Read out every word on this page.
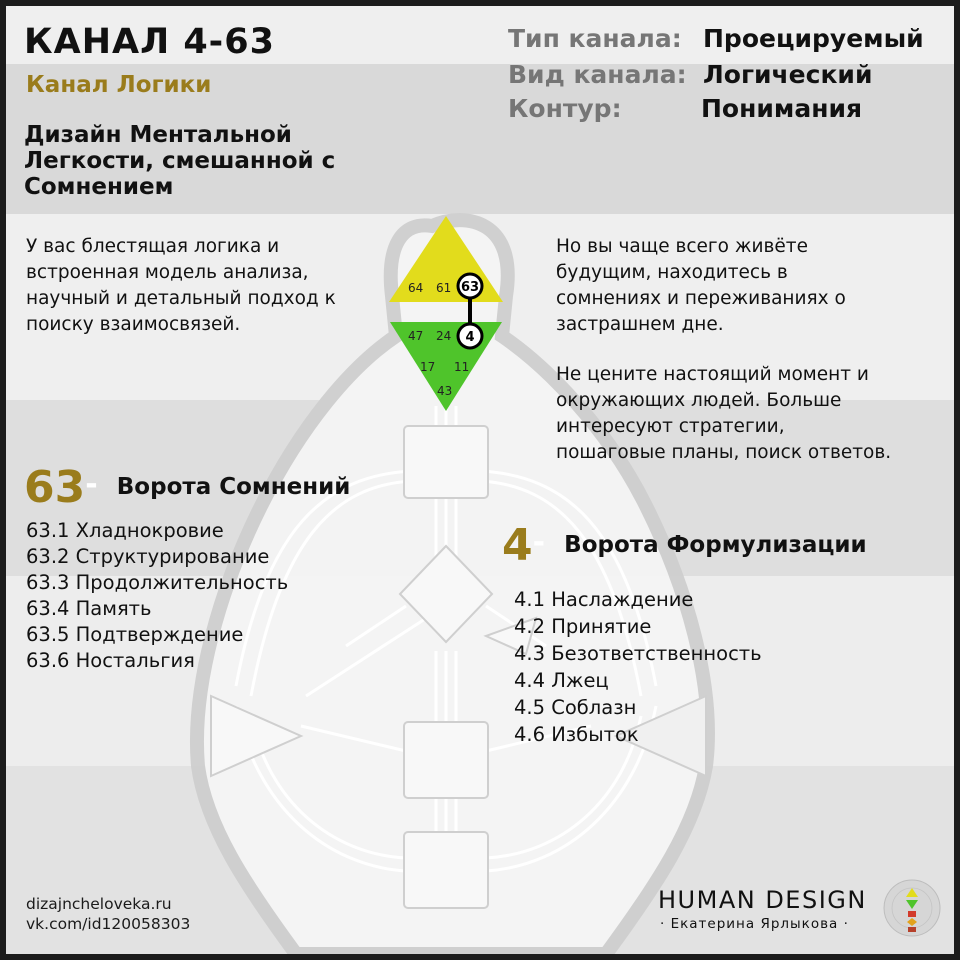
64 61 63
47 24 4
17 11
43
КАНАЛ 4-63
Канал Логики
Дизайн Ментальной Легкости, смешанной с Сомнением
Тип канала: Проецируемый
Вид канала: Логический
Контур:	Понимания
У вас блестящая логика и
встроенная модель анализа,
научный и детальный подход к
поиску взаимосвязей.
Но вы чаще всего живёте
будущим, находитесь в
сомнениях и переживаниях о
застрашнем дне.
Не цените настоящий момент и
окружающих людей. Больше
интересуют стратегии,
пошаговые планы, поиск ответов.
63- Ворота Сомнений
63.1 Хладнокровие
63.2 Структурирование
63.3 Продолжительность
63.4 Память
63.5 Подтверждение
63.6 Ностальгия
4- Ворота Формулизации
4.1 Наслаждение
4.2 Принятие
4.3 Безответственность
4.4 Лжец
4.5 Соблазн
4.6 Избыток
dizajncheloveka.ru
vk.com/id120058303
HUMAN DESIGN
· Екатерина Ярлыкова ·
